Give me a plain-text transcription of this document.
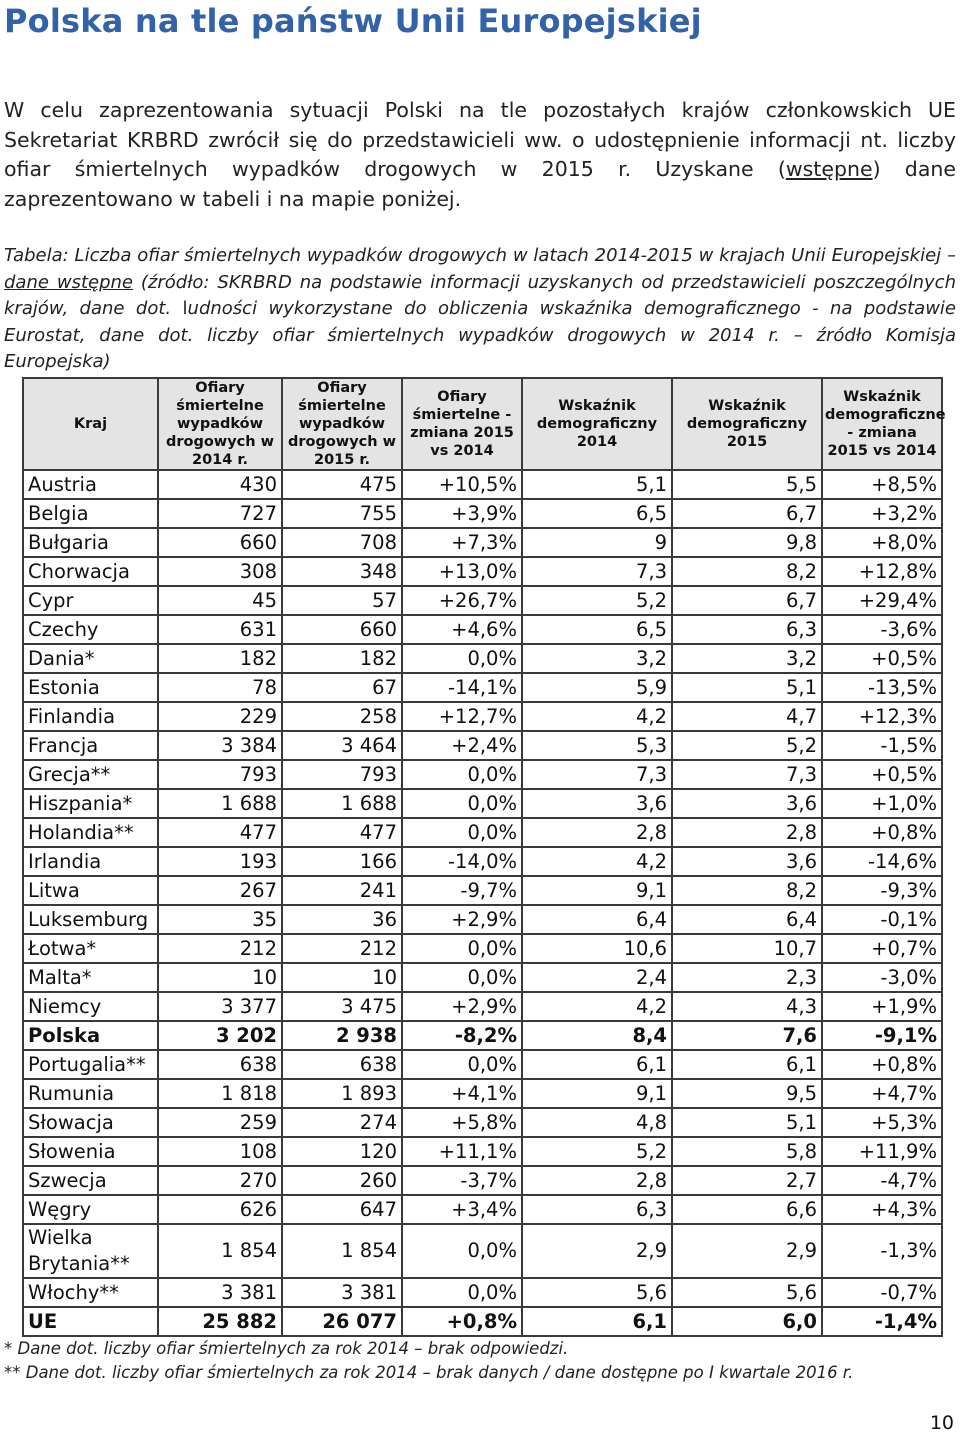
Polska na tle państw Unii Europejskiej

W celu zaprezentowania sytuacji Polski na tle pozostałych krajów członkowskich UE Sekretariat KRBRD zwrócił się do przedstawicieli ww. o udostępnienie informacji nt. liczby ofiar śmiertelnych wypadków drogowych w 2015 r. Uzyskane (wstępne) dane zaprezentowano w tabeli i na mapie poniżej.

Tabela: Liczba ofiar śmiertelnych wypadków drogowych w latach 2014-2015 w krajach Unii Europejskiej – dane wstępne (źródło: SKRBRD na podstawie informacji uzyskanych od przedstawicieli poszczególnych krajów, dane dot. ludności wykorzystane do obliczenia wskaźnika demograficznego - na podstawie Eurostat, dane dot. liczby ofiar śmiertelnych wypadków drogowych w 2014 r. – źródło Komisja Europejska)

Kraj	Ofiary śmiertelne wypadków drogowych w 2014 r.	Ofiary śmiertelne wypadków drogowych w 2015 r.	Ofiary śmiertelne - zmiana 2015 vs 2014	Wskaźnik demograficzny 2014	Wskaźnik demograficzny 2015	Wskaźnik demograficzne - zmiana 2015 vs 2014
Austria	430	475	+10,5%	5,1	5,5	+8,5%
Belgia	727	755	+3,9%	6,5	6,7	+3,2%
Bułgaria	660	708	+7,3%	9	9,8	+8,0%
Chorwacja	308	348	+13,0%	7,3	8,2	+12,8%
Cypr	45	57	+26,7%	5,2	6,7	+29,4%
Czechy	631	660	+4,6%	6,5	6,3	-3,6%
Dania*	182	182	0,0%	3,2	3,2	+0,5%
Estonia	78	67	-14,1%	5,9	5,1	-13,5%
Finlandia	229	258	+12,7%	4,2	4,7	+12,3%
Francja	3 384	3 464	+2,4%	5,3	5,2	-1,5%
Grecja**	793	793	0,0%	7,3	7,3	+0,5%
Hiszpania*	1 688	1 688	0,0%	3,6	3,6	+1,0%
Holandia**	477	477	0,0%	2,8	2,8	+0,8%
Irlandia	193	166	-14,0%	4,2	3,6	-14,6%
Litwa	267	241	-9,7%	9,1	8,2	-9,3%
Luksemburg	35	36	+2,9%	6,4	6,4	-0,1%
Łotwa*	212	212	0,0%	10,6	10,7	+0,7%
Malta*	10	10	0,0%	2,4	2,3	-3,0%
Niemcy	3 377	3 475	+2,9%	4,2	4,3	+1,9%
Polska	3 202	2 938	-8,2%	8,4	7,6	-9,1%
Portugalia**	638	638	0,0%	6,1	6,1	+0,8%
Rumunia	1 818	1 893	+4,1%	9,1	9,5	+4,7%
Słowacja	259	274	+5,8%	4,8	5,1	+5,3%
Słowenia	108	120	+11,1%	5,2	5,8	+11,9%
Szwecja	270	260	-3,7%	2,8	2,7	-4,7%
Węgry	626	647	+3,4%	6,3	6,6	+4,3%
Wielka Brytania**	1 854	1 854	0,0%	2,9	2,9	-1,3%
Włochy**	3 381	3 381	0,0%	5,6	5,6	-0,7%
UE	25 882	26 077	+0,8%	6,1	6,0	-1,4%
* Dane dot. liczby ofiar śmiertelnych za rok 2014 – brak odpowiedzi.
** Dane dot. liczby ofiar śmiertelnych za rok 2014 – brak danych / dane dostępne po I kwartale 2016 r.
10
